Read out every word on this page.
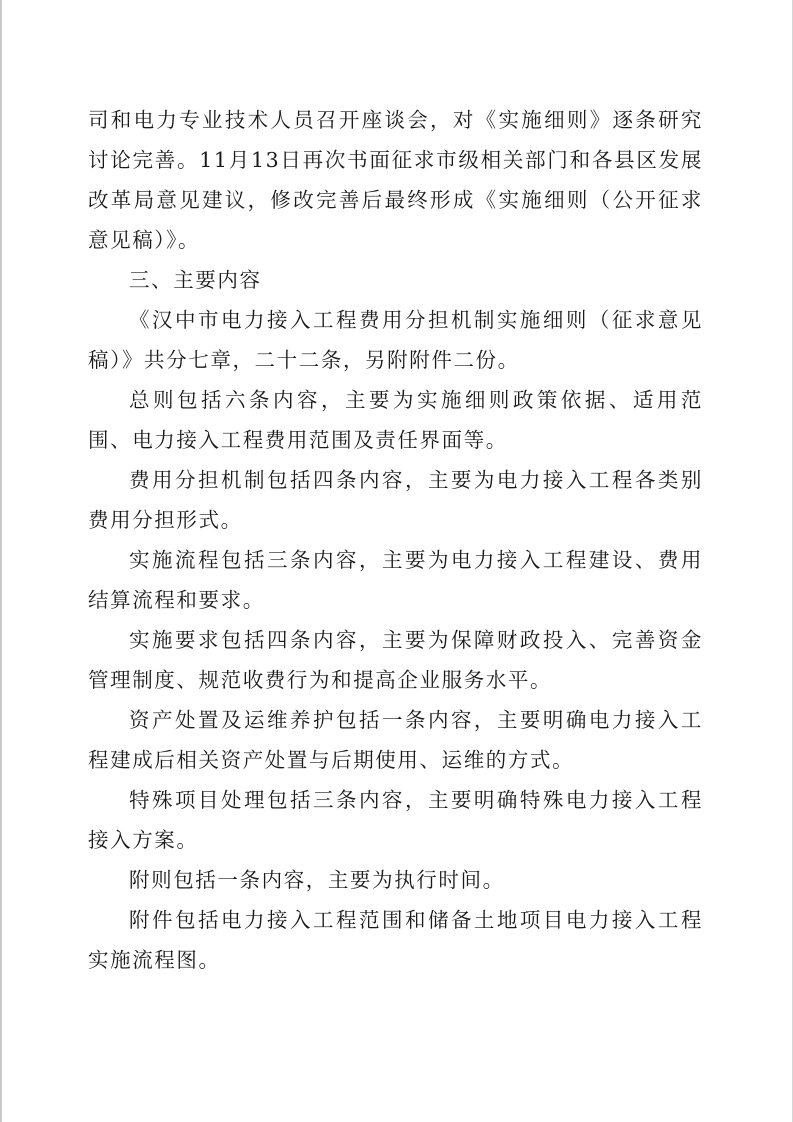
司和电力专业技术人员召开座谈会，对《实施细则》逐条研究讨论完善。11月13日再次书面征求市级相关部门和各县区发展改革局意见建议，修改完善后最终形成《实施细则（公开征求意见稿）》。

三、主要内容

《汉中市电力接入工程费用分担机制实施细则（征求意见稿）》共分七章，二十二条，另附附件二份。

总则包括六条内容，主要为实施细则政策依据、适用范围、电力接入工程费用范围及责任界面等。

费用分担机制包括四条内容，主要为电力接入工程各类别费用分担形式。

实施流程包括三条内容，主要为电力接入工程建设、费用结算流程和要求。

实施要求包括四条内容，主要为保障财政投入、完善资金管理制度、规范收费行为和提高企业服务水平。

资产处置及运维养护包括一条内容，主要明确电力接入工程建成后相关资产处置与后期使用、运维的方式。

特殊项目处理包括三条内容，主要明确特殊电力接入工程接入方案。

附则包括一条内容，主要为执行时间。

附件包括电力接入工程范围和储备土地项目电力接入工程实施流程图。
